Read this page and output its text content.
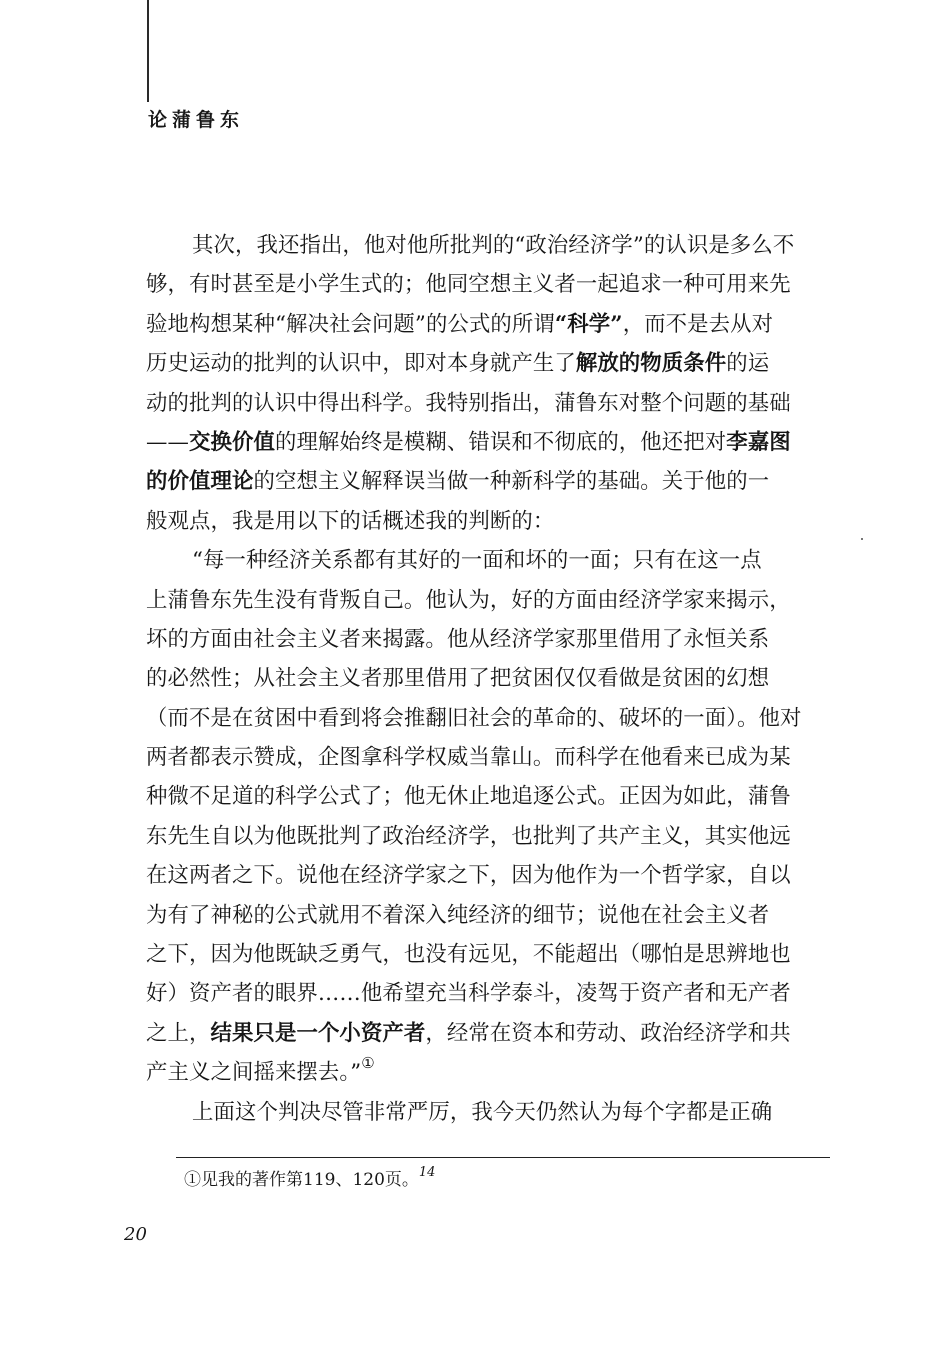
论蒲鲁东
其次，我还指出，他对他所批判的“政治经济学”的认识是多么不
够，有时甚至是小学生式的；他同空想主义者一起追求一种可用来先
验地构想某种“解决社会问题”的公式的所谓“科学”，而不是去从对
历史运动的批判的认识中，即对本身就产生了解放的物质条件的运
动的批判的认识中得出科学。我特别指出，蒲鲁东对整个问题的基础
——交换价值的理解始终是模糊、错误和不彻底的，他还把对李嘉图
的价值理论的空想主义解释误当做一种新科学的基础。关于他的一
般观点，我是用以下的话概述我的判断的：
“每一种经济关系都有其好的一面和坏的一面；只有在这一点
上蒲鲁东先生没有背叛自己。他认为，好的方面由经济学家来揭示，
坏的方面由社会主义者来揭露。他从经济学家那里借用了永恒关系
的必然性；从社会主义者那里借用了把贫困仅仅看做是贫困的幻想
（而不是在贫困中看到将会推翻旧社会的革命的、破坏的一面）。他对
两者都表示赞成，企图拿科学权威当靠山。而科学在他看来已成为某
种微不足道的科学公式了；他无休止地追逐公式。正因为如此，蒲鲁
东先生自以为他既批判了政治经济学，也批判了共产主义，其实他远
在这两者之下。说他在经济学家之下，因为他作为一个哲学家，自以
为有了神秘的公式就用不着深入纯经济的细节；说他在社会主义者
之下，因为他既缺乏勇气，也没有远见，不能超出（哪怕是思辨地也
好）资产者的眼界……他希望充当科学泰斗，凌驾于资产者和无产者
之上，结果只是一个小资产者，经常在资本和劳动、政治经济学和共
产主义之间摇来摆去。”①
上面这个判决尽管非常严厉，我今天仍然认为每个字都是正确
①见我的著作第119、120页。$^{14}$
20
